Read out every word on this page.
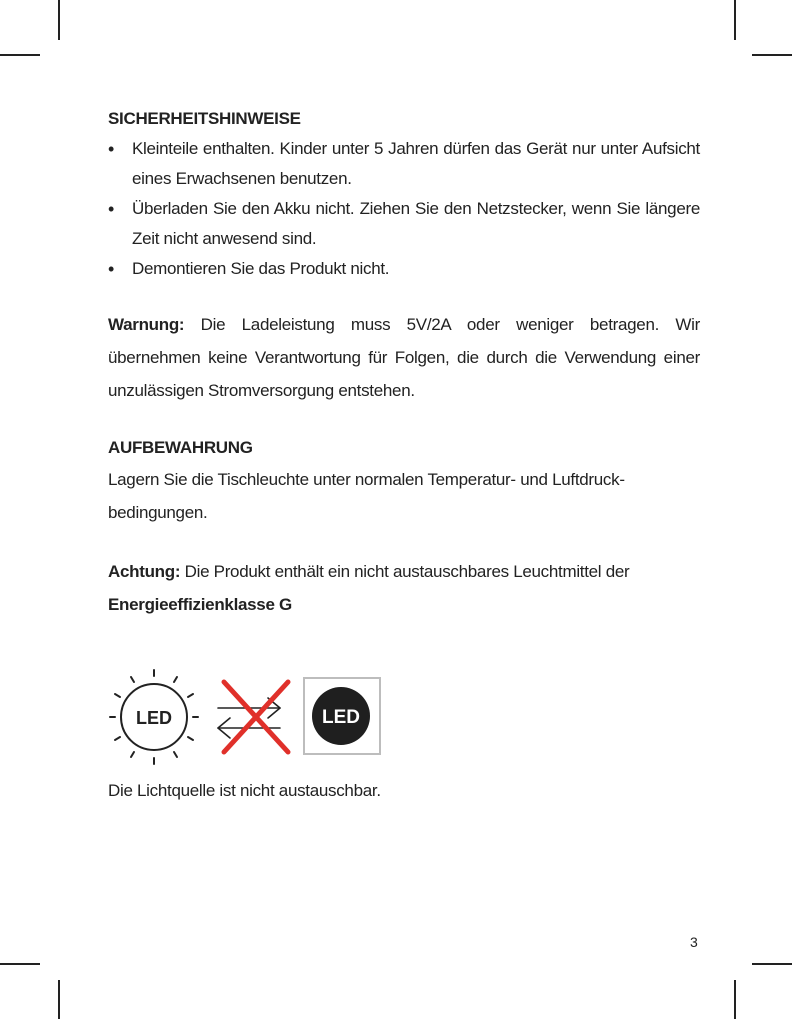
SICHERHEITSHINWEISE
• Kleinteile enthalten. Kinder unter 5 Jahren dürfen das Gerät nur unter Aufsicht eines Erwachsenen benutzen.
• Überladen Sie den Akku nicht. Ziehen Sie den Netzstecker, wenn Sie längere Zeit nicht anwesend sind.
• Demontieren Sie das Produkt nicht.

Warnung: Die Ladeleistung muss 5V/2A oder weniger betragen. Wir übernehmen keine Verantwortung für Folgen, die durch die Verwendung einer unzulässigen Stromversorgung entstehen.

AUFBEWAHRUNG

Lagern Sie die Tischleuchte unter normalen Temperatur- und Luftdruck-bedingungen.

Achtung: Die Produkt enthält ein nicht austauschbares Leuchtmittel der Energieeffizienklasse G

LED	LED
Die Lichtquelle ist nicht austauschbar.
3
